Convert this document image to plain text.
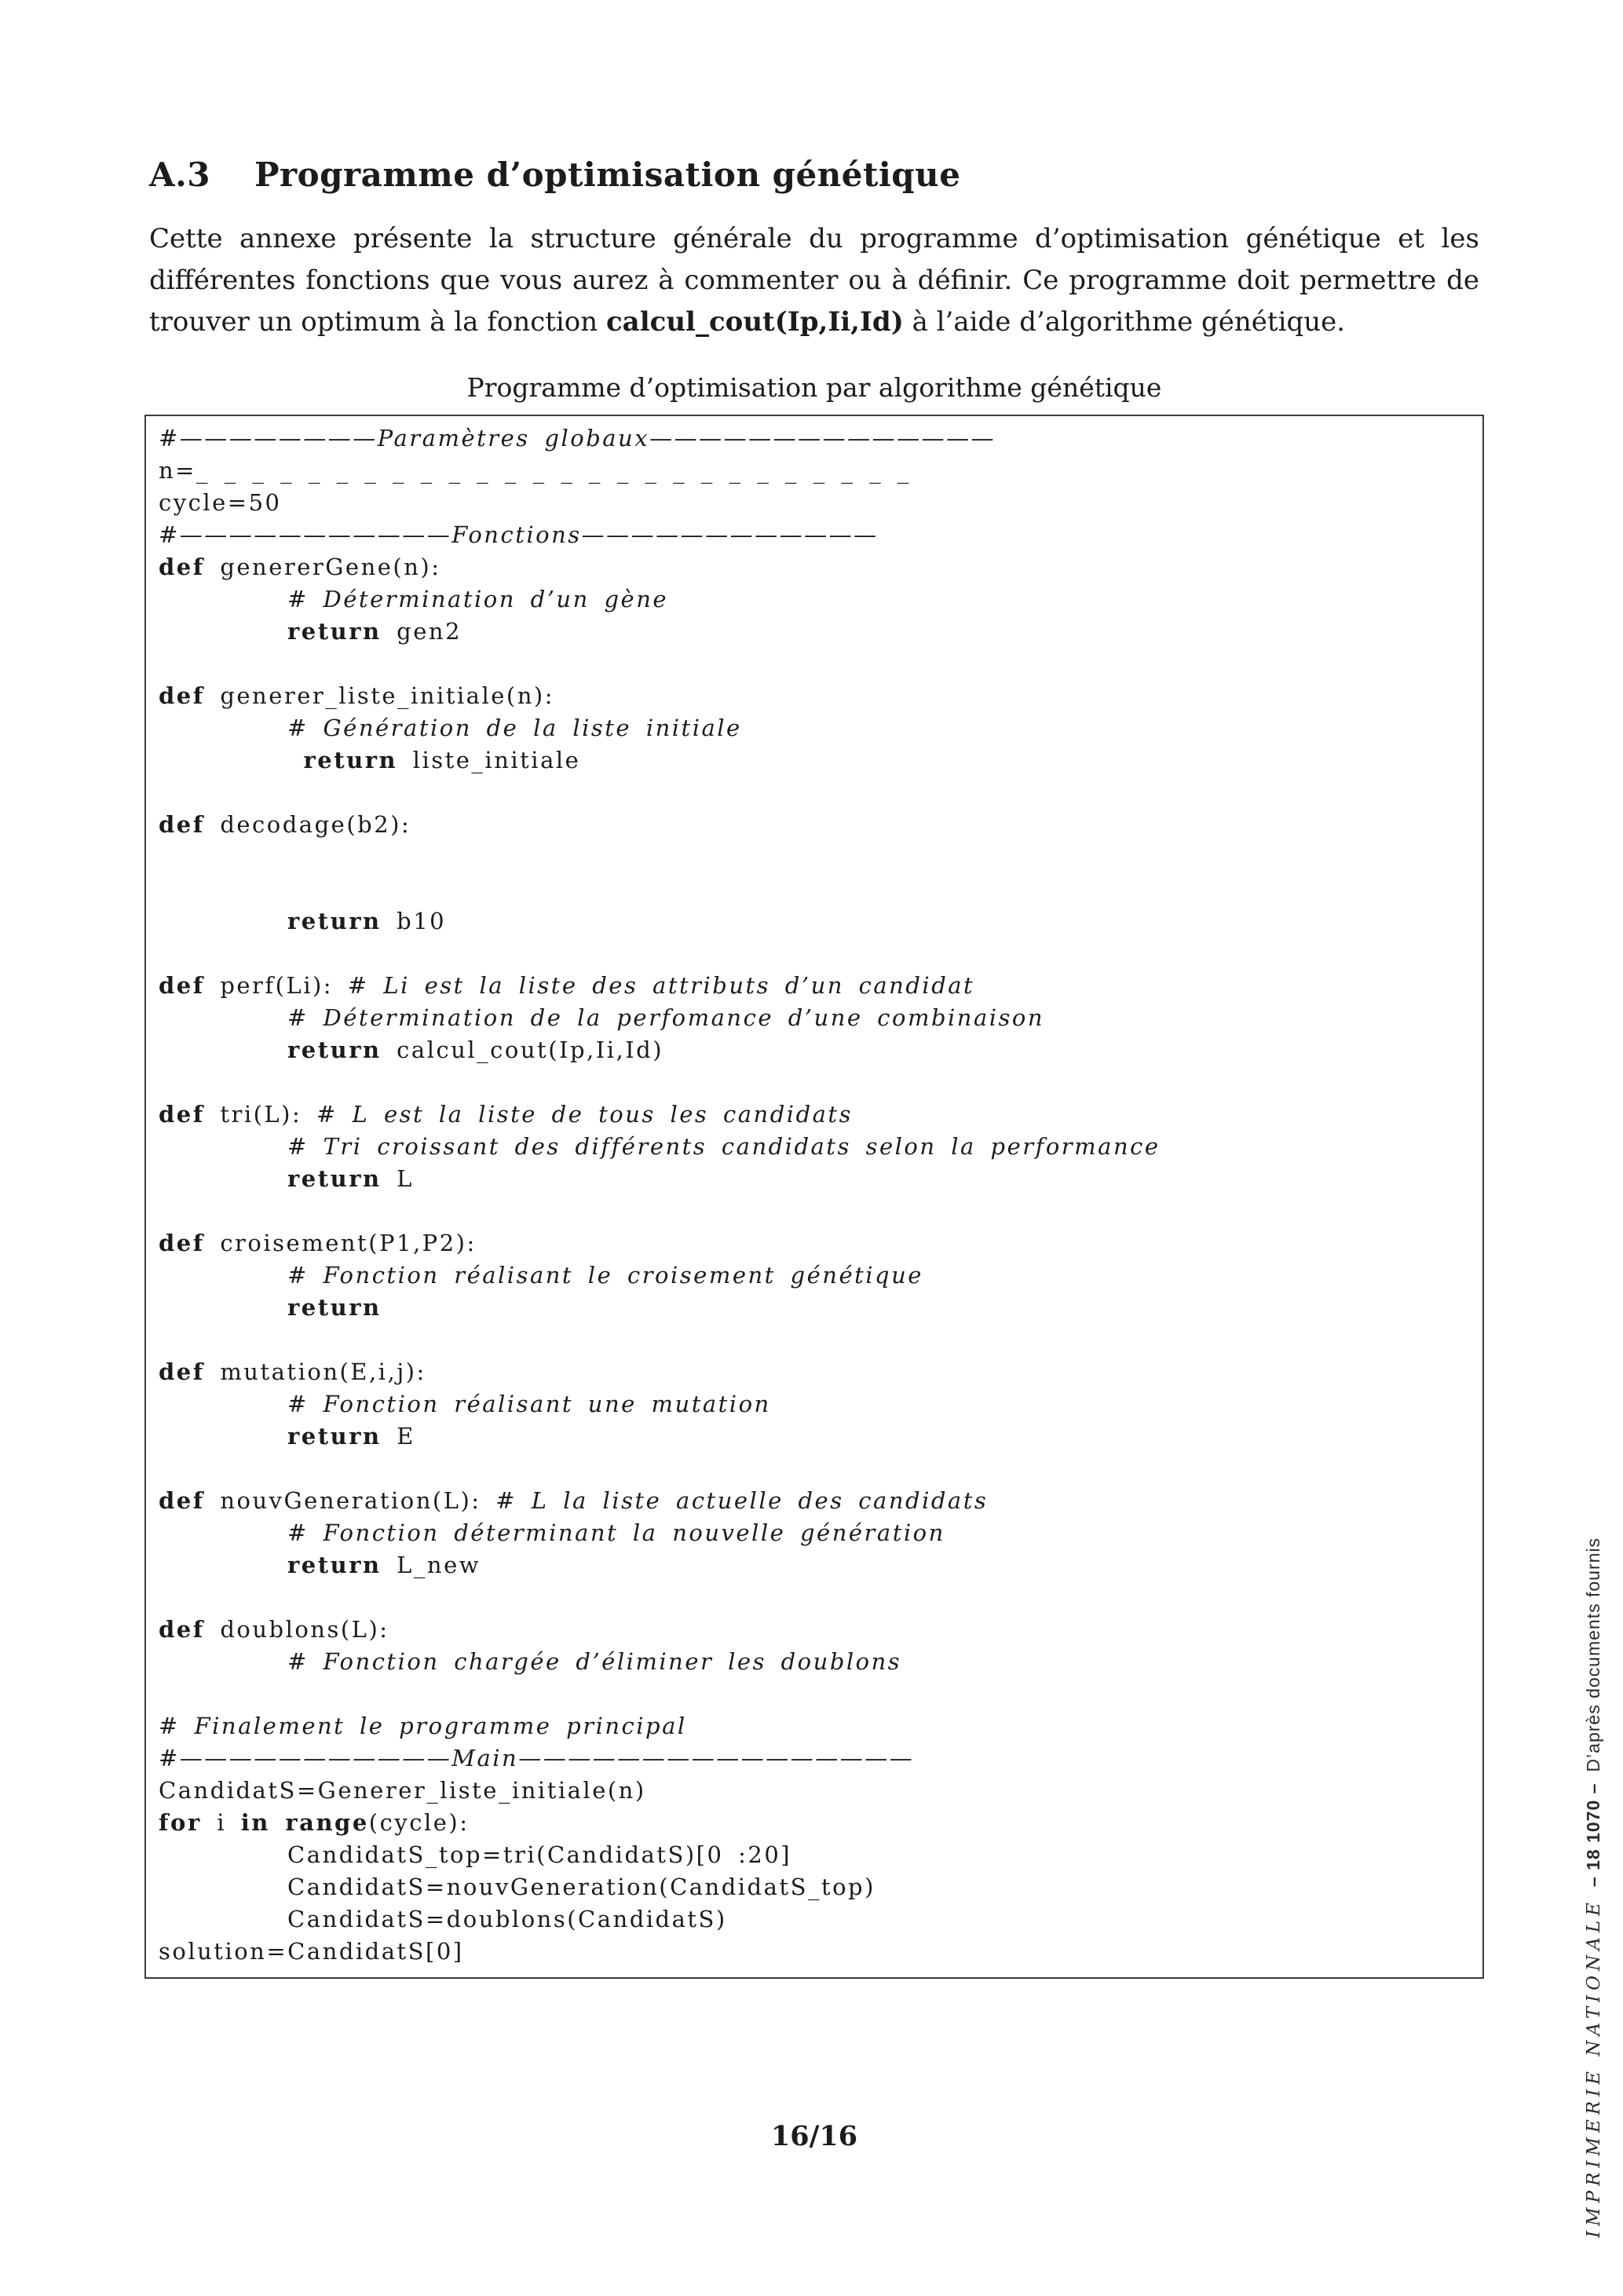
A.3 Programme d’optimisation génétique

Cette annexe présente la structure générale du programme d’optimisation génétique et les différentes fonctions que vous aurez à commenter ou à définir. Ce programme doit permettre de trouver un optimum à la fonction calcul_cout(Ip,Ii,Id) à l’aide d’algorithme génétique.

Programme d’optimisation par algorithme génétique
#————————Paramètres globaux——————————————
n=_ _ _ _ _ _ _ _ _ _ _ _ _ _ _ _ _ _ _ _ _ _ _ _ _ _
cycle=50
#———————————Fonctions————————————
def genererGene(n):
# Détermination d’un gène
return gen2

def generer_liste_initiale(n):
# Génération de la liste initiale
return liste_initiale

def decodage(b2):

return b10

def perf(Li): # Li est la liste des attributs d’un candidat
# Détermination de la perfomance d’une combinaison
return calcul_cout(Ip,Ii,Id)

def tri(L): # L est la liste de tous les candidats
# Tri croissant des différents candidats selon la performance
return L

def croisement(P1,P2):
# Fonction réalisant le croisement génétique
return

def mutation(E,i,j):
# Fonction réalisant une mutation
return E

def nouvGeneration(L): # L la liste actuelle des candidats
# Fonction déterminant la nouvelle génération
return L_new

def doublons(L):
# Fonction chargée d’éliminer les doublons

# Finalement le programme principal
#———————————Main————————————————
CandidatS=Generer_liste_initiale(n)
for i in range(cycle):
CandidatS_top=tri(CandidatS)[0 :20]
CandidatS=nouvGeneration(CandidatS_top)
CandidatS=doublons(CandidatS)
solution=CandidatS[0]
16/16	IMPRIMERIE NATIONALE– 18 1070 –D’après documents fournis
